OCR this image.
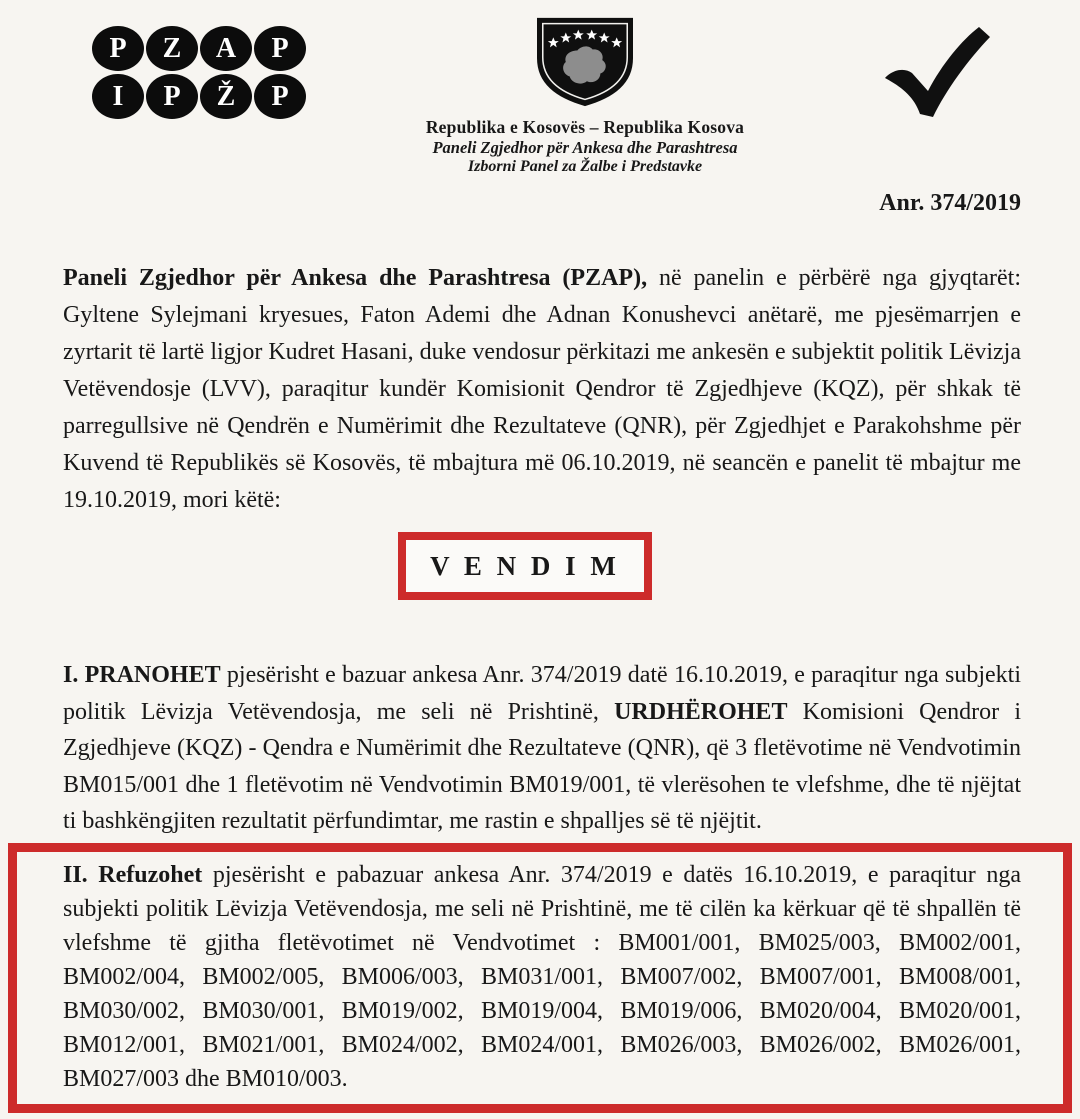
P Z A P
I P Ž P
Republika e Kosovës – Republika Kosova
Paneli Zgjedhor për Ankesa dhe Parashtresa
Izborni Panel za Žalbe i Predstavke
Anr. 374/2019

Paneli Zgjedhor për Ankesa dhe Parashtresa (PZAP), në panelin e përbërë nga gjyqtarët: Gyltene Sylejmani kryesues, Faton Ademi dhe Adnan Konushevci anëtarë, me pjesëmarrjen e zyrtarit të lartë ligjor Kudret Hasani, duke vendosur përkitazi me ankesën e subjektit politik Lëvizja Vetëvendosje (LVV), paraqitur kundër Komisionit Qendror të Zgjedhjeve (KQZ), për shkak të parregullsive në Qendrën e Numërimit dhe Rezultateve (QNR), për Zgjedhjet e Parakohshme për Kuvend të Republikës së Kosovës, të mbajtura më 06.10.2019, në seancën e panelit të mbajtur me 19.10.2019, mori këtë:

V E N D I M

I. PRANOHET pjesërisht e bazuar ankesa Anr. 374/2019 datë 16.10.2019, e paraqitur nga subjekti politik Lëvizja Vetëvendosja, me seli në Prishtinë, URDHËROHET Komisioni Qendror i Zgjedhjeve (KQZ) - Qendra e Numërimit dhe Rezultateve (QNR), që 3 fletëvotime në Vendvotimin BM015/001 dhe 1 fletëvotim në Vendvotimin BM019/001, të vlerësohen te vlefshme, dhe të njëjtat ti bashkëngjiten rezultatit përfundimtar, me rastin e shpalljes së të njëjtit.

II. Refuzohet pjesërisht e pabazuar ankesa Anr. 374/2019 e datës 16.10.2019, e paraqitur nga subjekti politik Lëvizja Vetëvendosja, me seli në Prishtinë, me të cilën ka kërkuar që të shpallën të vlefshme të gjitha fletëvotimet në Vendvotimet : BM001/001, BM025/003, BM002/001, BM002/004, BM002/005, BM006/003, BM031/001, BM007/002, BM007/001, BM008/001, BM030/002, BM030/001, BM019/002, BM019/004, BM019/006, BM020/004, BM020/001, BM012/001, BM021/001, BM024/002, BM024/001, BM026/003, BM026/002, BM026/001, BM027/003 dhe BM010/003.
